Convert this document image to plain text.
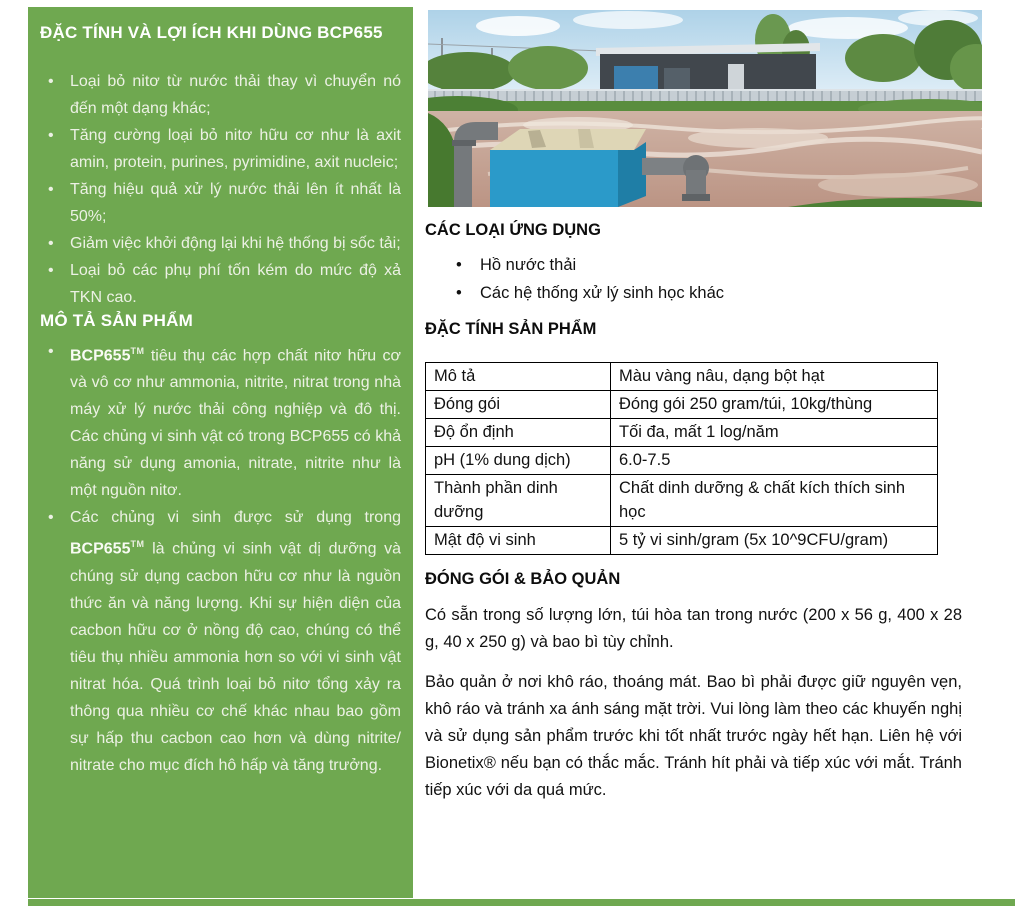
ĐẶC TÍNH VÀ LỢI ÍCH KHI DÙNG BCP655
• Loại bỏ nitơ từ nước thải thay vì chuyển nó đến một dạng khác;
• Tăng cường loại bỏ nitơ hữu cơ như là axit amin, protein, purines, pyrimidine, axit nucleic;
• Tăng hiệu quả xử lý nước thải lên ít nhất là 50%;
• Giảm việc khởi động lại khi hệ thống bị sốc tải;
• Loại bỏ các phụ phí tốn kém do mức độ xả TKN cao.
MÔ TẢ SẢN PHẨM
• BCP655™ tiêu thụ các hợp chất nitơ hữu cơ và vô cơ như ammonia, nitrite, nitrat trong nhà máy xử lý nước thải công nghiệp và đô thị. Các chủng vi sinh vật có trong BCP655 có khả năng sử dụng amonia, nitrate, nitrite như là một nguồn nitơ.
• Các chủng vi sinh được sử dụng trong BCP655™ là chủng vi sinh vật dị dưỡng và chúng sử dụng cacbon hữu cơ như là nguồn thức ăn và năng lượng. Khi sự hiện diện của cacbon hữu cơ ở nồng độ cao, chúng có thể tiêu thụ nhiều ammonia hơn so với vi sinh vật nitrat hóa. Quá trình loại bỏ nitơ tổng xảy ra thông qua nhiều cơ chế khác nhau bao gồm sự hấp thu cacbon cao hơn và dùng nitrite/ nitrate cho mục đích hô hấp và tăng trưởng.
CÁC LOẠI ỨNG DỤNG
• Hồ nước thải
• Các hệ thống xử lý sinh học khác
ĐẶC TÍNH SẢN PHẨM
Mô tả	Màu vàng nâu, dạng bột hạt
Đóng gói	Đóng gói 250 gram/túi, 10kg/thùng
Độ ổn định	Tối đa, mất 1 log/năm
pH (1% dung dịch)	6.0-7.5
Thành phần dinh dưỡng	Chất dinh dưỡng & chất kích thích sinh học
Mật độ vi sinh	5 tỷ vi sinh/gram (5x 10^9CFU/gram)
ĐÓNG GÓI & BẢO QUẢN

Có sẵn trong số lượng lớn, túi hòa tan trong nước (200 x 56 g, 400 x 28 g, 40 x 250 g) và bao bì tùy chỉnh.

Bảo quản ở nơi khô ráo, thoáng mát. Bao bì phải được giữ nguyên vẹn, khô ráo và tránh xa ánh sáng mặt trời. Vui lòng làm theo các khuyến nghị và sử dụng sản phẩm trước khi tốt nhất trước ngày hết hạn. Liên hệ với Bionetix® nếu bạn có thắc mắc. Tránh hít phải và tiếp xúc với mắt. Tránh tiếp xúc với da quá mức.
